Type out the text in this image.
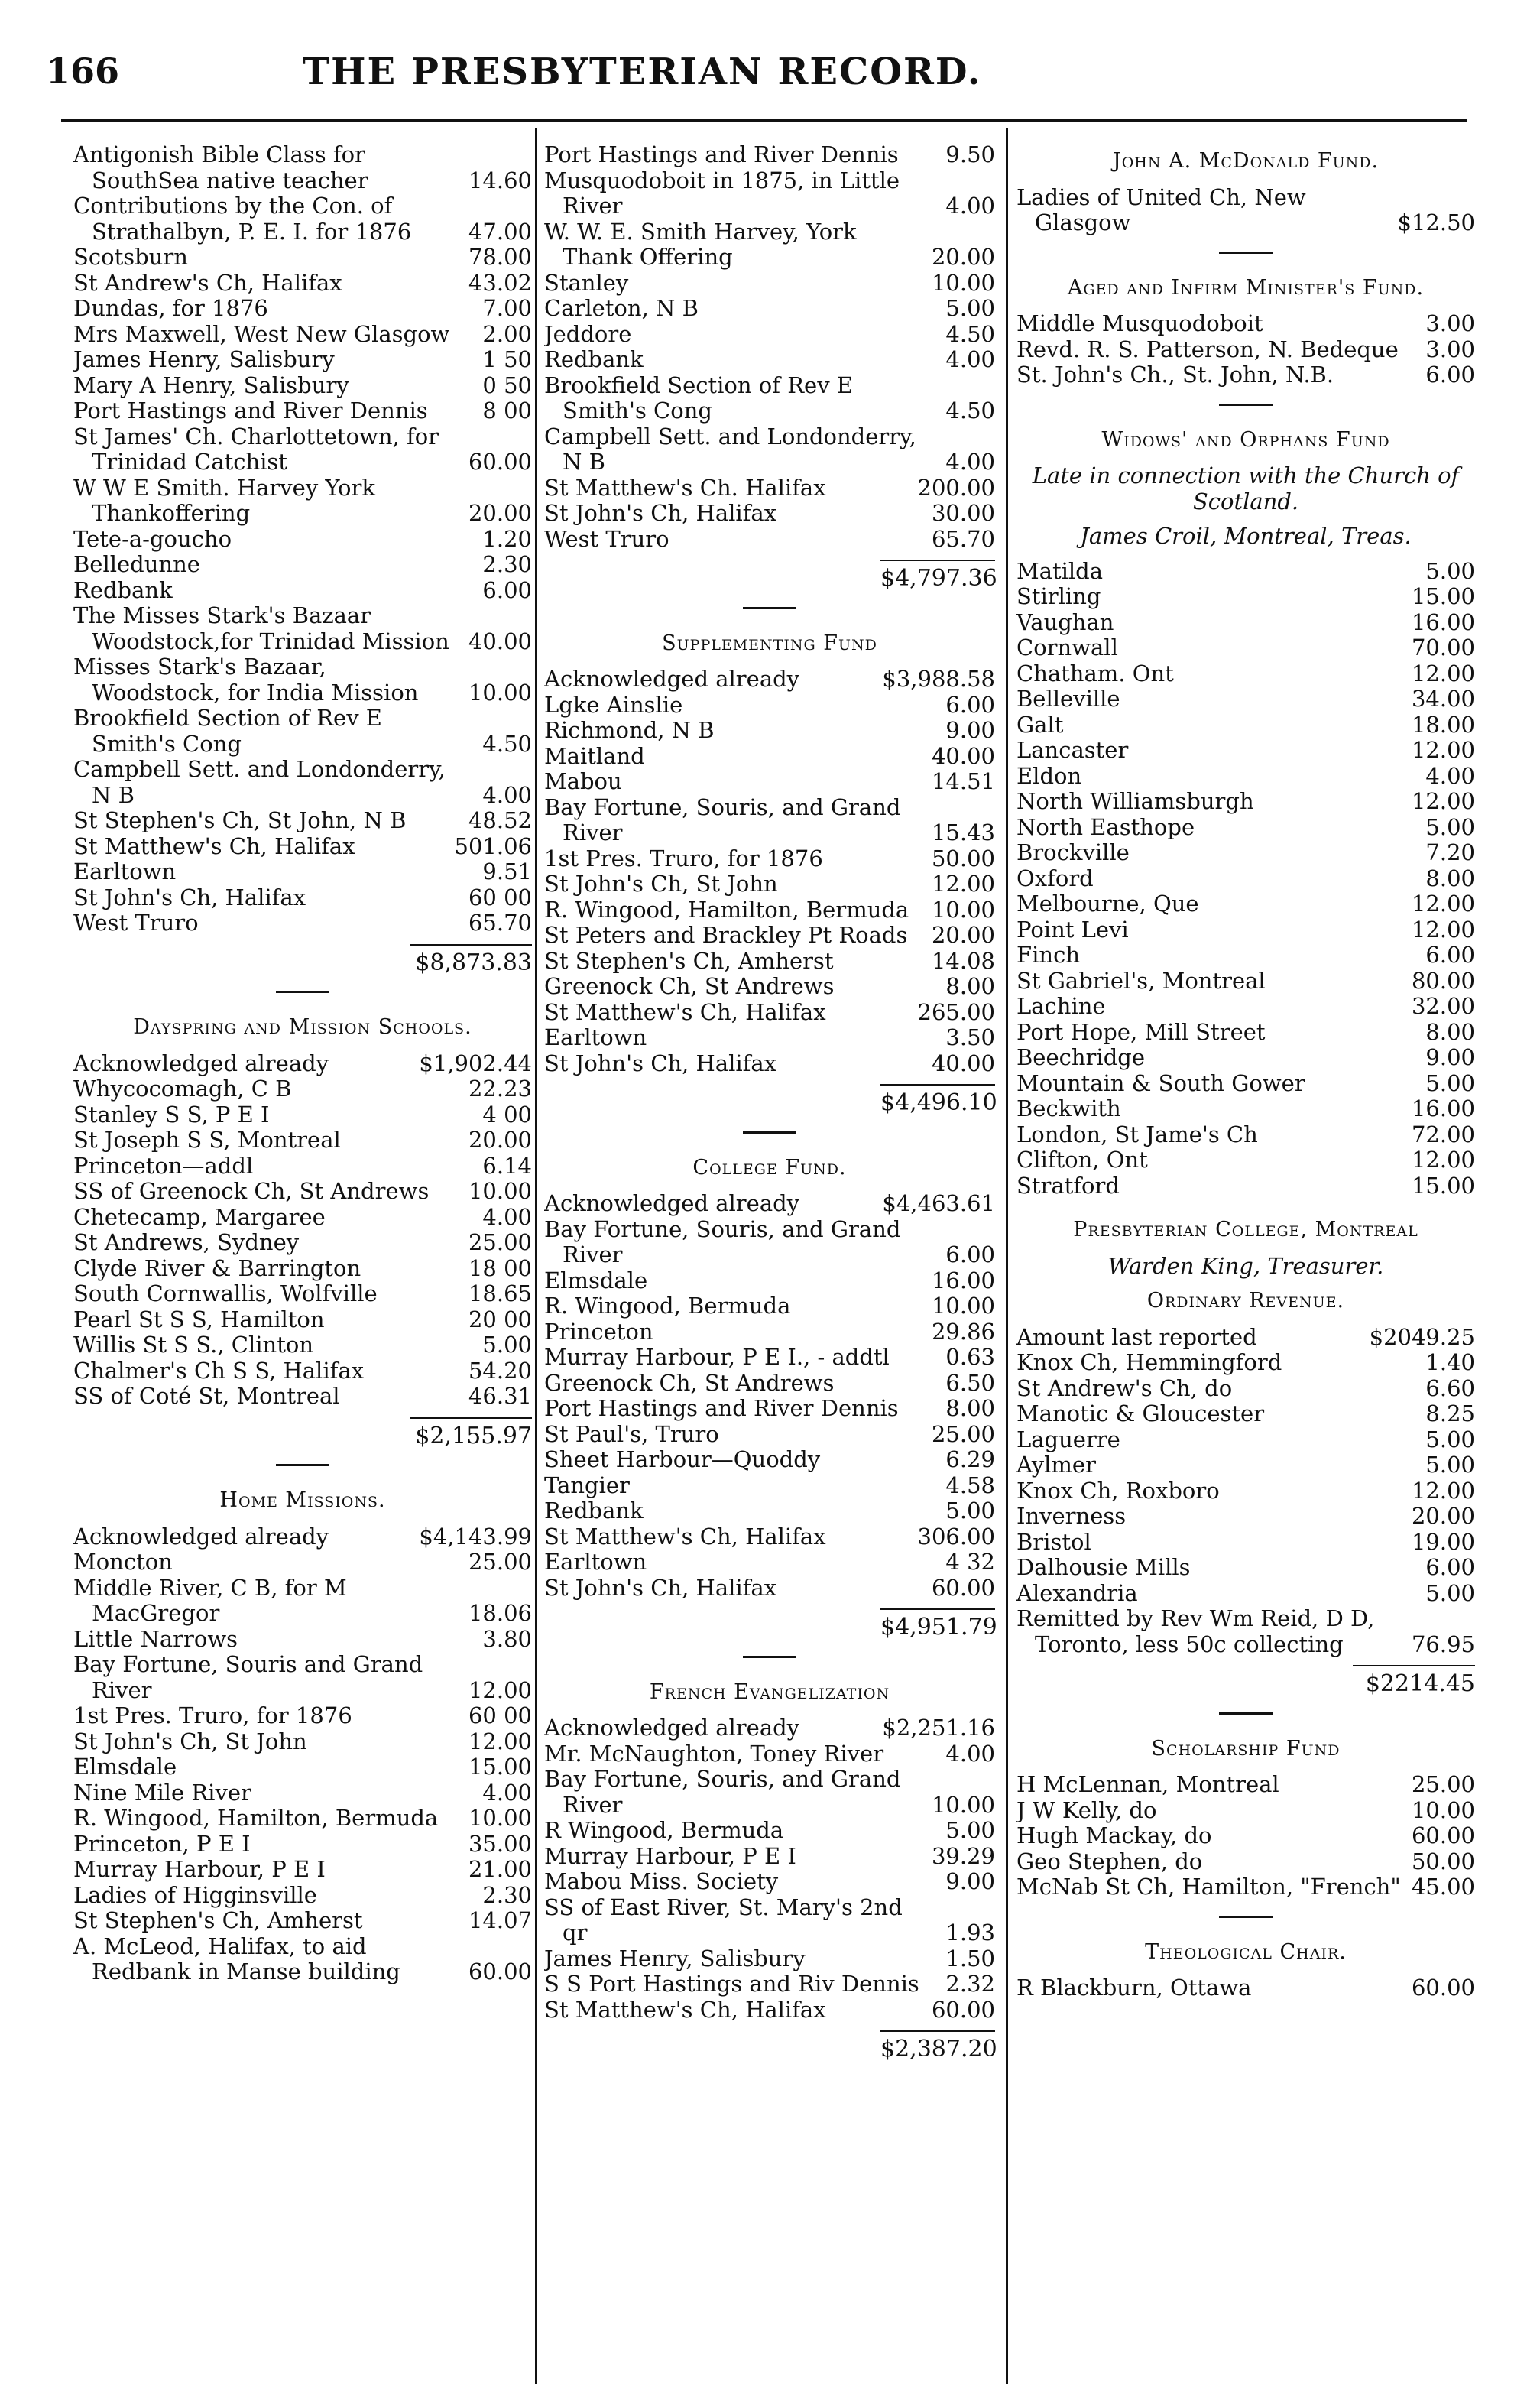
166	THE PRESBYTERIAN RECORD.
Antigonish Bible Class for SouthSea native teacher	14.60
Contributions by the Con. of Strathalbyn, P. E. I. for 1876	47.00
Scotsburn	78.00
St Andrew's Ch, Halifax	43.02
Dundas, for 1876	7.00
Mrs Maxwell, West New Glasgow	2.00
James Henry, Salisbury	1 50
Mary A Henry, Salisbury	0 50
Port Hastings and River Dennis	8 00
St James' Ch. Charlottetown, for Trinidad Catchist	60.00
W W E Smith. Harvey York Thankoffering	20.00
Tete-a-goucho	1.20
Belledunne	2.30
Redbank	6.00
The Misses Stark's Bazaar Woodstock,for Trinidad Mission 40.00
Misses Stark's Bazaar, Woodstock, for India Mission	10.00
Brookfield Section of Rev E Smith's Cong	4.50
Campbell Sett. and Londonderry, N B	4.00
St Stephen's Ch, St John, N B	48.52
St Matthew's Ch, Halifax	501.06
Earltown	9.51
St John's Ch, Halifax	60 00
West Truro	65.70
$8,873.83
Dayspring and Mission Schools.
Acknowledged already	$1,902.44
Whycocomagh, C B	22.23
Stanley S S, P E I	4 00
St Joseph S S, Montreal	20.00
Princeton—addl	6.14
SS of Greenock Ch, St Andrews	10.00
Chetecamp, Margaree	4.00
St Andrews, Sydney	25.00
Clyde River & Barrington	18 00
South Cornwallis, Wolfville	18.65
Pearl St S S, Hamilton	20 00
Willis St S S., Clinton	5.00
Chalmer's Ch S S, Halifax	54.20
SS of Coté St, Montreal	46.31
$2,155.97
Home Missions.
Acknowledged already	$4,143.99
Moncton	25.00
Middle River, C B, for M MacGregor	18.06
Little Narrows	3.80
Bay Fortune, Souris and Grand River	12.00
1st Pres. Truro, for 1876	60 00
St John's Ch, St John	12.00
Elmsdale	15.00
Nine Mile River	4.00
R. Wingood, Hamilton, Bermuda	10.00
Princeton, P E I	35.00
Murray Harbour, P E I	21.00
Ladies of Higginsville	2.30
St Stephen's Ch, Amherst	14.07
A. McLeod, Halifax, to aid Redbank in Manse building	60.00
Port Hastings and River Dennis	9.50
Musquodoboit in 1875, in Little River	4.00
W. W. E. Smith Harvey, York Thank Offering	20.00
Stanley	10.00
Carleton, N B	5.00
Jeddore	4.50
Redbank	4.00
Brookfield Section of Rev E Smith's Cong	4.50
Campbell Sett. and Londonderry, N B	4.00
St Matthew's Ch. Halifax	200.00
St John's Ch, Halifax	30.00
West Truro	65.70
$4,797.36
Supplementing Fund
Acknowledged already	$3,988.58
Lgke Ainslie	6.00
Richmond, N B	9.00
Maitland	40.00
Mabou	14.51
Bay Fortune, Souris, and Grand River	15.43
1st Pres. Truro, for 1876	50.00
St John's Ch, St John	12.00
R. Wingood, Hamilton, Bermuda	10.00
St Peters and Brackley Pt Roads	20.00
St Stephen's Ch, Amherst	14.08
Greenock Ch, St Andrews	8.00
St Matthew's Ch, Halifax	265.00
Earltown	3.50
St John's Ch, Halifax	40.00
$4,496.10
College Fund.
Acknowledged already	$4,463.61
Bay Fortune, Souris, and Grand River	6.00
Elmsdale	16.00
R. Wingood, Bermuda	10.00
Princeton	29.86
Murray Harbour, P E I., - addtl	0.63
Greenock Ch, St Andrews	6.50
Port Hastings and River Dennis	8.00
St Paul's, Truro	25.00
Sheet Harbour—Quoddy	6.29
Tangier	4.58
Redbank	5.00
St Matthew's Ch, Halifax	306.00
Earltown	4 32
St John's Ch, Halifax	60.00
$4,951.79
French Evangelization
Acknowledged already	$2,251.16
Mr. McNaughton, Toney River	4.00
Bay Fortune, Souris, and Grand River	10.00
R Wingood, Bermuda	5.00
Murray Harbour, P E I	39.29
Mabou Miss. Society	9.00
SS of East River, St. Mary's 2nd qr	1.93
James Henry, Salisbury	1.50
S S Port Hastings and Riv Dennis	2.32
St Matthew's Ch, Halifax	60.00
$2,387.20
John A. McDonald Fund.
Ladies of United Ch, New Glasgow	$12.50
Aged and Infirm Minister's Fund.
Middle Musquodoboit	3.00
Revd. R. S. Patterson, N. Bedeque	3.00
St. John's Ch., St. John, N.B.	6.00
Widows' and Orphans Fund
Late in connection with the Church of Scotland.
James Croil, Montreal, Treas.
Matilda	5.00
Stirling	15.00
Vaughan	16.00
Cornwall	70.00
Chatham. Ont	12.00
Belleville	34.00
Galt	18.00
Lancaster	12.00
Eldon	4.00
North Williamsburgh	12.00
North Easthope	5.00
Brockville	7.20
Oxford	8.00
Melbourne, Que	12.00
Point Levi	12.00
Finch	6.00
St Gabriel's, Montreal	80.00
Lachine	32.00
Port Hope, Mill Street	8.00
Beechridge	9.00
Mountain & South Gower	5.00
Beckwith	16.00
London, St Jame's Ch	72.00
Clifton, Ont	12.00
Stratford	15.00
Presbyterian College, Montreal
Warden King, Treasurer.
Ordinary Revenue.
Amount last reported	$2049.25
Knox Ch, Hemmingford	1.40
St Andrew's Ch, do	6.60
Manotic & Gloucester	8.25
Laguerre	5.00
Aylmer	5.00
Knox Ch, Roxboro	12.00
Inverness	20.00
Bristol	19.00
Dalhousie Mills	6.00
Alexandria	5.00
Remitted by Rev Wm Reid, D D, Toronto, less 50c collecting	76.95
$2214.45
Scholarship Fund
H McLennan, Montreal	25.00
J W Kelly, do	10.00
Hugh Mackay, do	60.00
Geo Stephen, do	50.00
McNab St Ch, Hamilton, "French" 45.00
Theological Chair.
R Blackburn, Ottawa	60.00
